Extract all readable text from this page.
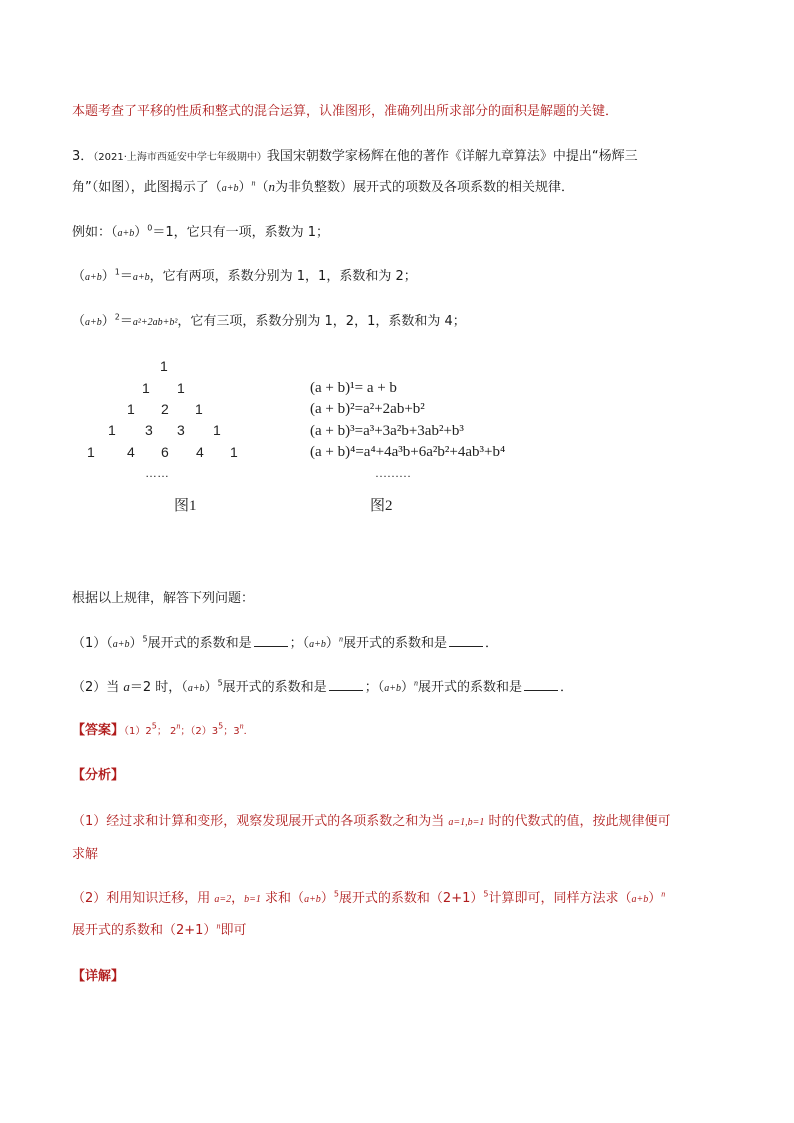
本题考查了平移的性质和整式的混合运算，认准图形，准确列出所求部分的面积是解题的关键．
3．（2021·上海市西延安中学七年级期中）我国宋朝数学家杨辉在他的著作《详解九章算法》中提出“杨辉三
角”（如图），此图揭示了$(a+b)^n(n$为非负整数）展开式的项数及各项系数的相关规律．
例如：$(a+b)^0=1$，它只有一项，系数为 1；
$(a+b)^1=a+b$，它有两项，系数分别为 1，1，系数和为 2；
$(a+b)^2=a^2+2ab+b^2$，它有三项，系数分别为 1，2，1，系数和为 4；
1
1 1
1 2 1
1 3 3 1
1 4 6 4 1
……
图1
(a + b)¹= a + b
(a + b)²=a²+2ab+b²
(a + b)³=a³+3a²b+3ab²+b³
(a + b)⁴=a⁴+4a³b+6a²b²+4ab³+b⁴
………
图2
根据以上规律，解答下列问题：
$(1)(a+b)^5$展开式的系数和是	；$(a+b)^n$展开式的系数和是	．
（2）当 a＝2 时，$(a+b)^5$展开式的系数和是	；$(a+b)^n$展开式的系数和是	．
【答案】$(1)2^5$； 2$^n$；$(2)3^5$；3$^n$．
【分析】
（1）经过求和计算和变形，观察发现展开式的各项系数之和为当 a=1,b=1 时的代数式的值，按此规律便可
求解
（2）利用知识迁移，用 a=2，b=1 求和$(a+b)^5$展开式的系数和$(2+1)^5$计算即可，同样方法求$(a+b)^n$
展开式的系数和$(2+1)^n$即可
【详解】
